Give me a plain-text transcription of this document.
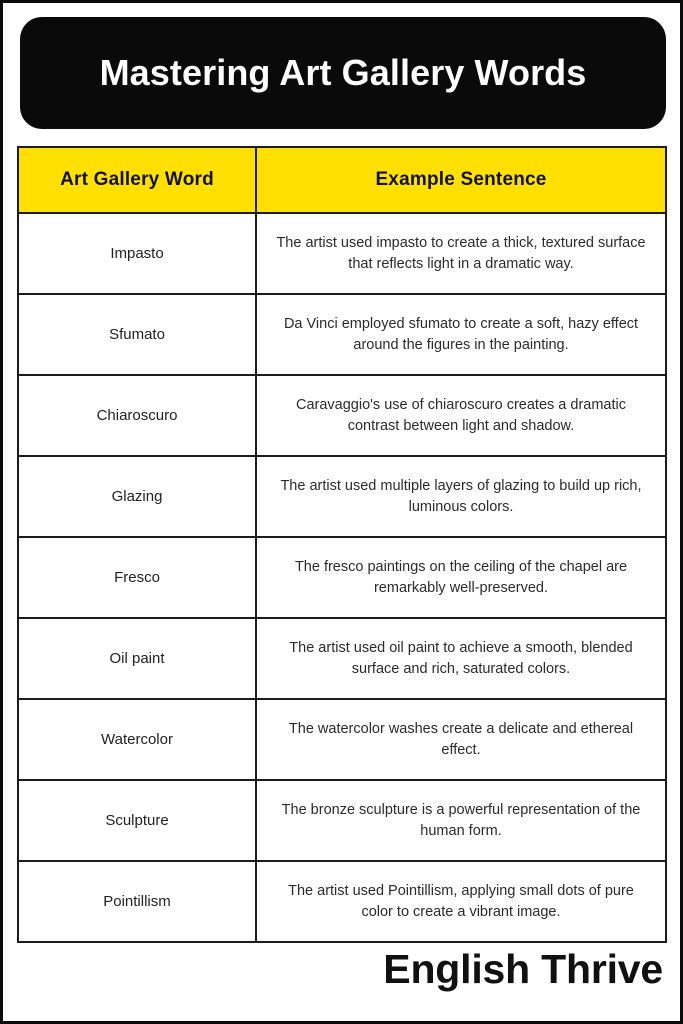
Mastering Art Gallery Words
Art Gallery Word	Example Sentence
Impasto	The artist used impasto to create a thick, textured surface that reflects light in a dramatic way.
Sfumato	Da Vinci employed sfumato to create a soft, hazy effect around the figures in the painting.
Chiaroscuro	Caravaggio's use of chiaroscuro creates a dramatic contrast between light and shadow.
Glazing	The artist used multiple layers of glazing to build up rich, luminous colors.
Fresco	The fresco paintings on the ceiling of the chapel are remarkably well-preserved.
Oil paint	The artist used oil paint to achieve a smooth, blended surface and rich, saturated colors.
Watercolor	The watercolor washes create a delicate and ethereal effect.
Sculpture	The bronze sculpture is a powerful representation of the human form.
Pointillism	The artist used Pointillism, applying small dots of pure color to create a vibrant image.
English Thrive
